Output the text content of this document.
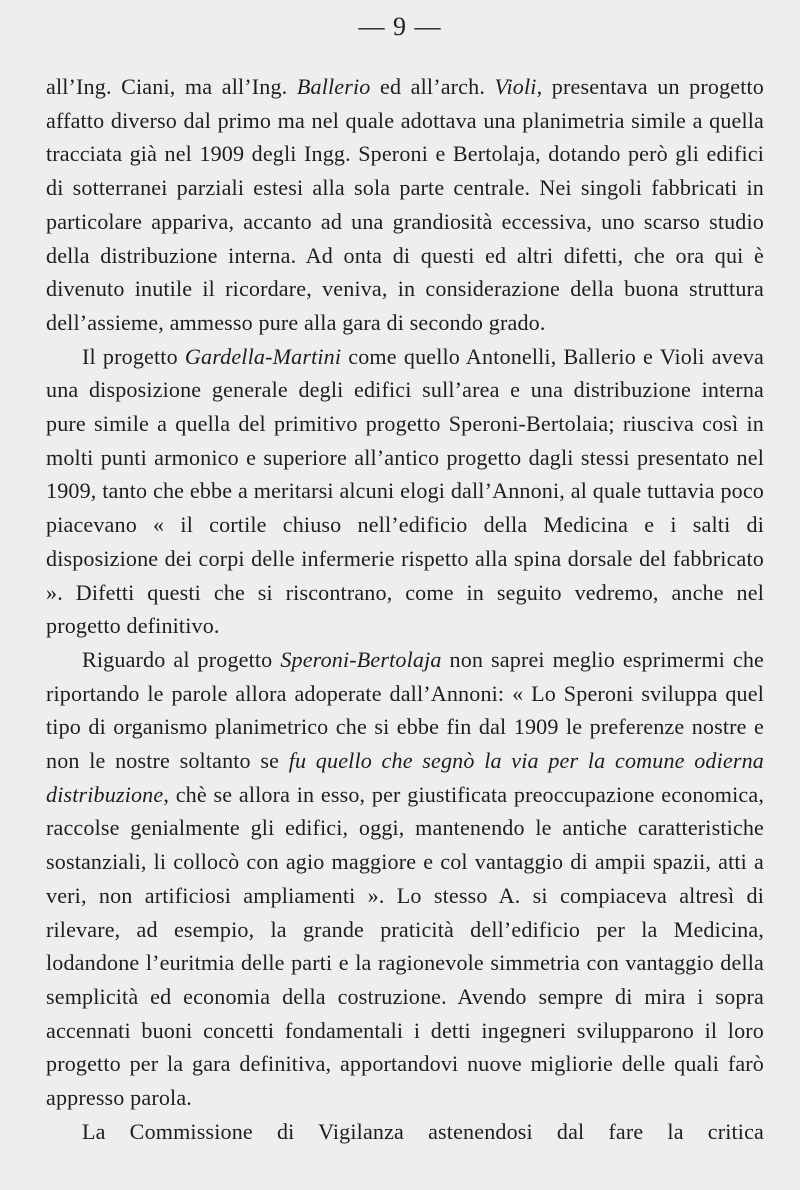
— 9 —

all’Ing. Ciani, ma all’Ing. Ballerio ed all’arch. Violi, presentava un progetto affatto diverso dal primo ma nel quale adottava una planimetria simile a quella tracciata già nel 1909 degli Ingg. Speroni e Bertolaja, dotando però gli edifici di sotterranei parziali estesi alla sola parte centrale. Nei singoli fabbricati in particolare appariva, accanto ad una grandiosità eccessiva, uno scarso studio della distribuzione interna. Ad onta di questi ed altri difetti, che ora qui è divenuto inutile il ricordare, veniva, in considerazione della buona struttura dell’assieme, ammesso pure alla gara di secondo grado.

Il progetto Gardella-Martini come quello Antonelli, Ballerio e Violi aveva una disposizione generale degli edifici sull’area e una distribuzione interna pure simile a quella del primitivo progetto Speroni-Bertolaia; riusciva così in molti punti armonico e superiore all’antico progetto dagli stessi presentato nel 1909, tanto che ebbe a meritarsi alcuni elogi dall’Annoni, al quale tuttavia poco piacevano « il cortile chiuso nell’edificio della Medicina e i salti di disposizione dei corpi delle infermerie rispetto alla spina dorsale del fabbricato ». Difetti questi che si riscontrano, come in seguito vedremo, anche nel progetto definitivo.

Riguardo al progetto Speroni-Bertolaja non saprei meglio esprimermi che riportando le parole allora adoperate dall’Annoni: « Lo Speroni sviluppa quel tipo di organismo planimetrico che si ebbe fin dal 1909 le preferenze nostre e non le nostre soltanto se fu quello che segnò la via per la comune odierna distribuzione, chè se allora in esso, per giustificata preoccupazione economica, raccolse genialmente gli edifici, oggi, mantenendo le antiche caratteristiche sostanziali, li collocò con agio maggiore e col vantaggio di ampii spazii, atti a veri, non artificiosi ampliamenti ». Lo stesso A. si compiaceva altresì di rilevare, ad esempio, la grande praticità dell’edificio per la Medicina, lodandone l’euritmia delle parti e la ragionevole simmetria con vantaggio della semplicità ed economia della costruzione. Avendo sempre di mira i sopra accennati buoni concetti fondamentali i detti ingegneri svilupparono il loro progetto per la gara definitiva, apportandovi nuove migliorie delle quali farò appresso parola.

La Commissione di Vigilanza astenendosi dal fare la critica
